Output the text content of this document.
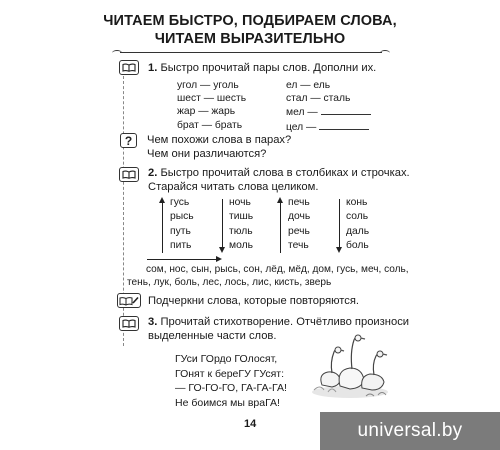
ЧИТАЕМ БЫСТРО, ПОДБИРАЕМ СЛОВА,
ЧИТАЕМ ВЫРАЗИТЕЛЬНО
1. Быстро прочитай пары слов. Дополни их.
угол — уголь
шест — шесть
жар — жарь
брат — брать
ел — ель
стал — сталь
мел —
цел —
? Чем похожи слова в парах?
Чем они различаются?
2. Быстро прочитай слова в столбиках и строчках.
Старайся читать слова целиком.
гусь
рысь
путь
пить
ночь
тишь
тюль
моль
печь
дочь
речь
течь
конь
соль
даль
боль
сом, нос, сын, рысь, сон, лёд, мёд, дом, гусь, меч, соль,
тень, лук, боль, лес, лось, лис, кисть, зверь
Подчеркни слова, которые повторяются.
3. Прочитай стихотворение. Отчётливо произноси
выделенные части слов.
ГУси ГОрдо ГОлосят,
ГОнят к береГУ ГУсят:
— ГО-ГО-ГО, ГА-ГА-ГА!
Не боимся мы враГА!
14	universal.by
